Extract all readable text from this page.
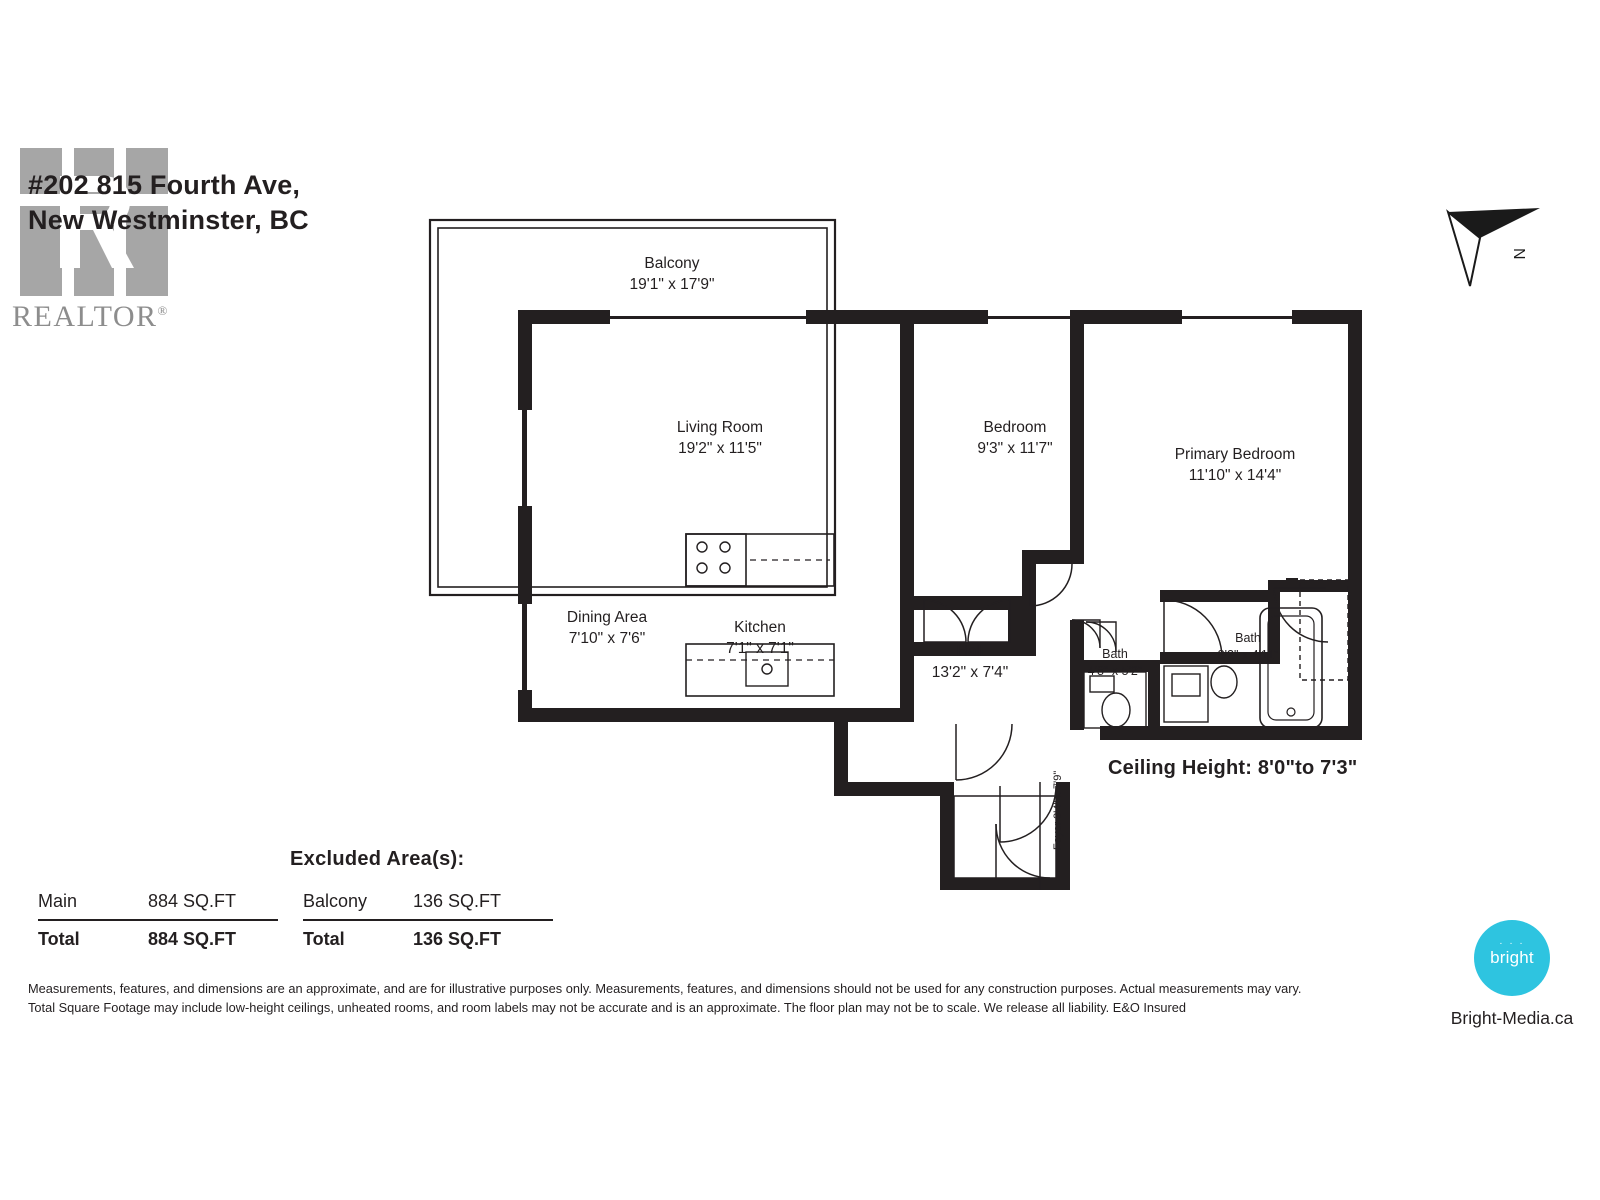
REALTOR®
#202 815 Fourth Ave,
New Westminster, BC
N
Balcony
19'1" x 17'9"
Living Room
19'2" x 11'5"
Bedroom
9'3" x 11'7"	Primary Bedroom
11'10" x 14'4"
Dining Area
7'10" x 7'6"
Kitchen
7'1" x 7'1"	Hall
13'2" x 7'4"
Bath
4'8" x 5'2"
Bath
8'2" x 4'11"
Foyer 3'4" x 7'9"
Ceiling Height: 8'0"to 7'3"
Excluded Area(s):
Main	884 SQ.FT
Total	884 SQ.FT
Balcony	136 SQ.FT
Total	136 SQ.FT
Measurements, features, and dimensions are an approximate, and are for illustrative purposes only. Measurements, features, and dimensions should not be used for any construction purposes. Actual measurements may vary. Total Square Footage may include low-height ceilings, unheated rooms, and room labels may not be accurate and is an approximate. The floor plan may not be to scale. We release all liability. E&O Insured
· · ·
bright
Bright-Media.ca
